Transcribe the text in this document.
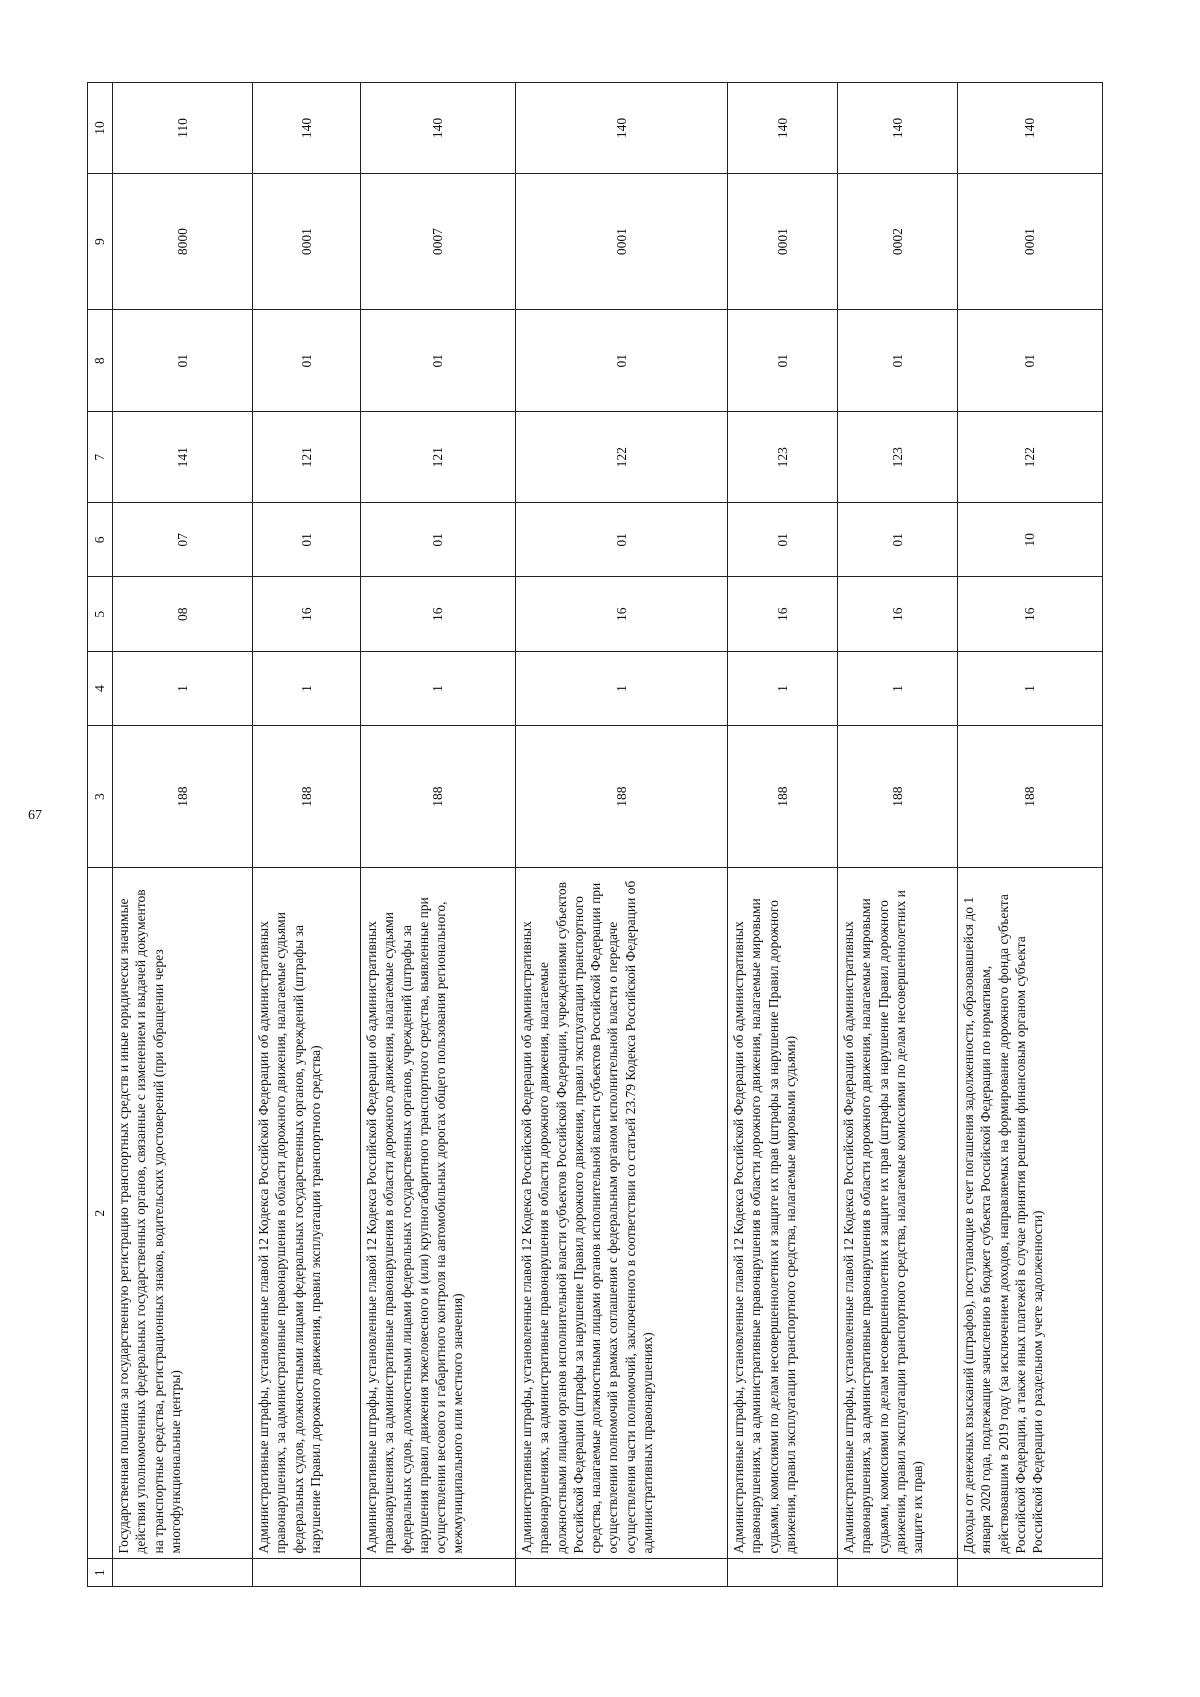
67
1	2	3	4	5	6	7	8	9	10
	Государственная пошлина за государственную регистрацию транспортных средств и иные юридически значимые действия уполномоченных федеральных государственных органов, связанные с изменением и выдачей документов на транспортные средства, регистрационных знаков, водительских удостоверений (при обращении через многофункциональные центры)	188	1	08	07	141	01	8000	110
	Административные штрафы, установленные главой 12 Кодекса Российской Федерации об административных правонарушениях, за административные правонарушения в области дорожного движения, налагаемые судьями федеральных судов, должностными лицами федеральных государственных органов, учреждений (штрафы за нарушение Правил дорожного движения, правил эксплуатации транспортного средства)	188	1	16	01	121	01	0001	140
	Административные штрафы, установленные главой 12 Кодекса Российской Федерации об административных правонарушениях, за административные правонарушения в области дорожного движения, налагаемые судьями федеральных судов, должностными лицами федеральных государственных органов, учреждений (штрафы за нарушения правил движения тяжеловесного и (или) крупногабаритного транспортного средства, выявленные при осуществлении весового и габаритного контроля на автомобильных дорогах общего пользования регионального, межмуниципального или местного значения)	188	1	16	01	121	01	0007	140
	Административные штрафы, установленные главой 12 Кодекса Российской Федерации об административных правонарушениях, за административные правонарушения в области дорожного движения, налагаемые должностными лицами органов исполнительной власти субъектов Российской Федерации, учреждениями субъектов Российской Федерации (штрафы за нарушение Правил дорожного движения, правил эксплуатации транспортного средства, налагаемые должностными лицами органов исполнительной власти субъектов Российской Федерации при осуществлении полномочий в рамках соглашения с федеральным органом исполнительной власти о передаче осуществления части полномочий, заключенного в соответствии со статьей 23.79 Кодекса Российской Федерации об административных правонарушениях)	188	1	16	01	122	01	0001	140
	Административные штрафы, установленные главой 12 Кодекса Российской Федерации об административных правонарушениях, за административные правонарушения в области дорожного движения, налагаемые мировыми судьями, комиссиями по делам несовершеннолетних и защите их прав (штрафы за нарушение Правил дорожного движения, правил эксплуатации транспортного средства, налагаемые мировыми судьями)	188	1	16	01	123	01	0001	140
	Административные штрафы, установленные главой 12 Кодекса Российской Федерации об административных правонарушениях, за административные правонарушения в области дорожного движения, налагаемые мировыми судьями, комиссиями по делам несовершеннолетних и защите их прав (штрафы за нарушение Правил дорожного движения, правил эксплуатации транспортного средства, налагаемые комиссиями по делам несовершеннолетних и защите их прав)	188	1	16	01	123	01	0002	140
	Доходы от денежных взысканий (штрафов), поступающие в счет погашения задолженности, образовавшейся до 1 января 2020 года, подлежащие зачислению в бюджет субъекта Российской Федерации по нормативам, действовавшим в 2019 году (за исключением доходов, направляемых на формирование дорожного фонда субъекта Российской Федерации, а также иных платежей в случае принятия решения финансовым органом субъекта Российской Федерации о раздельном учете задолженности)	188	1	16	10	122	01	0001	140
